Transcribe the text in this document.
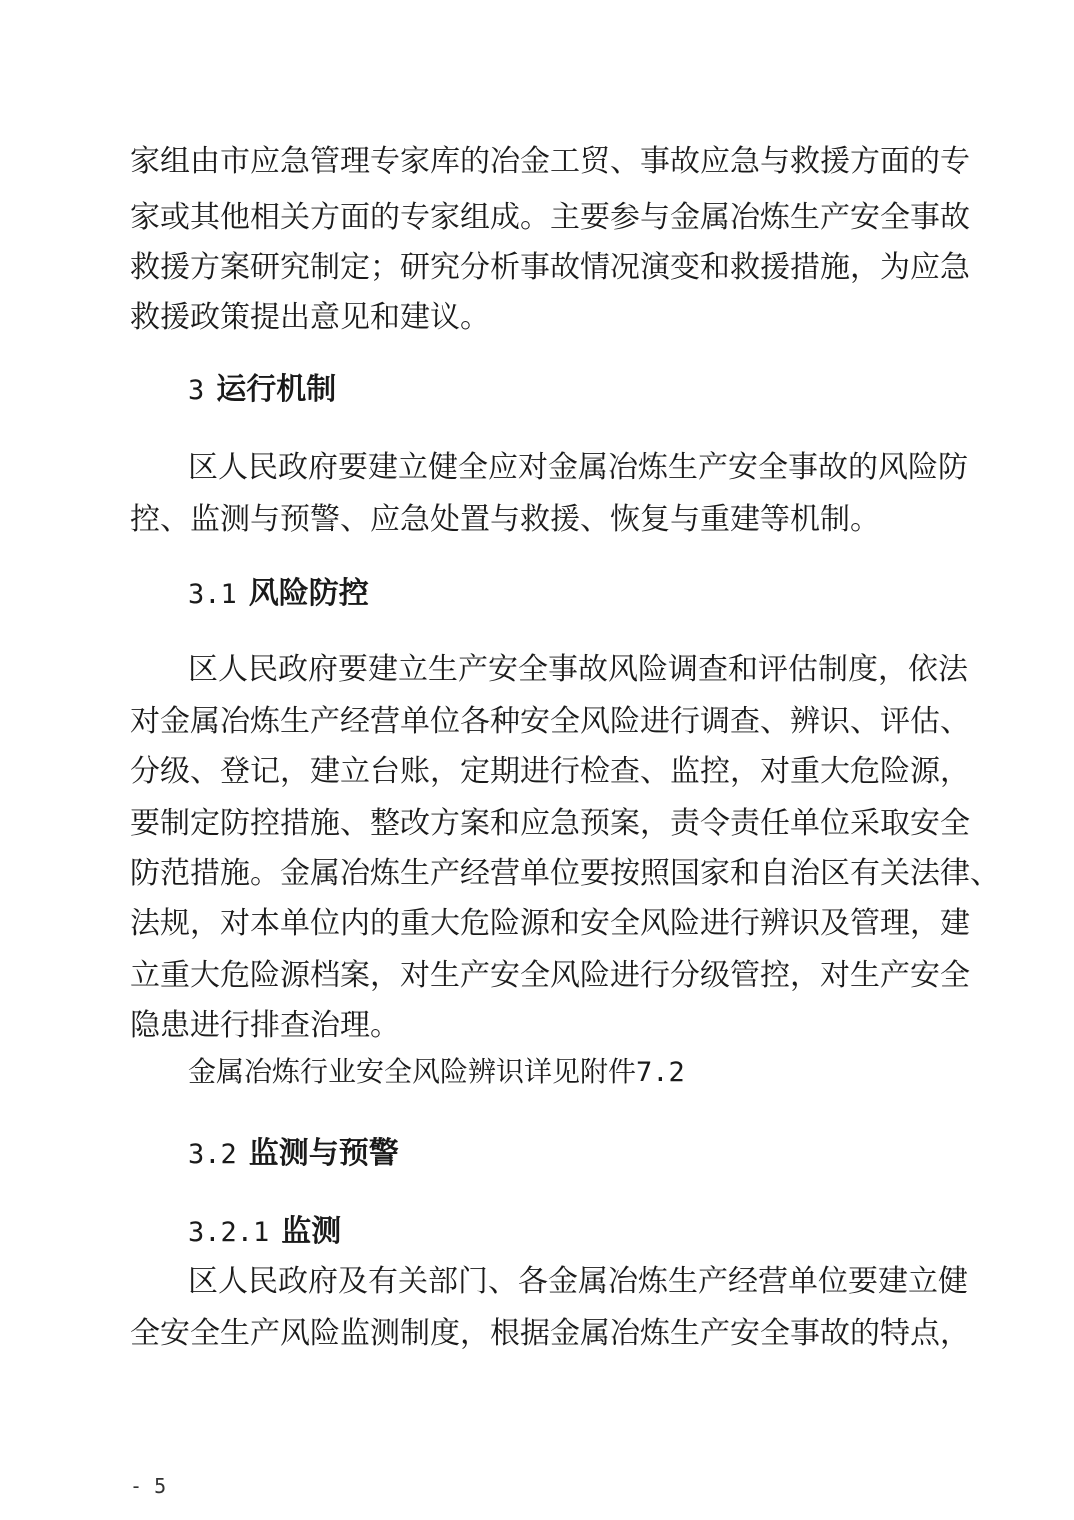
家组由市应急管理专家库的冶金工贸、事故应急与救援方面的专
家或其他相关方面的专家组成。主要参与金属冶炼生产安全事故
救援方案研究制定；研究分析事故情况演变和救援措施，为应急
救援政策提出意见和建议。
3 运行机制
区人民政府要建立健全应对金属冶炼生产安全事故的风险防
控、监测与预警、应急处置与救援、恢复与重建等机制。
3.1 风险防控
区人民政府要建立生产安全事故风险调查和评估制度，依法
对金属冶炼生产经营单位各种安全风险进行调查、辨识、评估、
分级、登记，建立台账，定期进行检查、监控，对重大危险源，
要制定防控措施、整改方案和应急预案，责令责任单位采取安全
防范措施。金属冶炼生产经营单位要按照国家和自治区有关法律、
法规，对本单位内的重大危险源和安全风险进行辨识及管理，建
立重大危险源档案，对生产安全风险进行分级管控，对生产安全
隐患进行排查治理。
金属冶炼行业安全风险辨识详见附件7.2
3.2 监测与预警
3.2.1 监测
区人民政府及有关部门、各金属冶炼生产经营单位要建立健
全安全生产风险监测制度，根据金属冶炼生产安全事故的特点，
- 5
